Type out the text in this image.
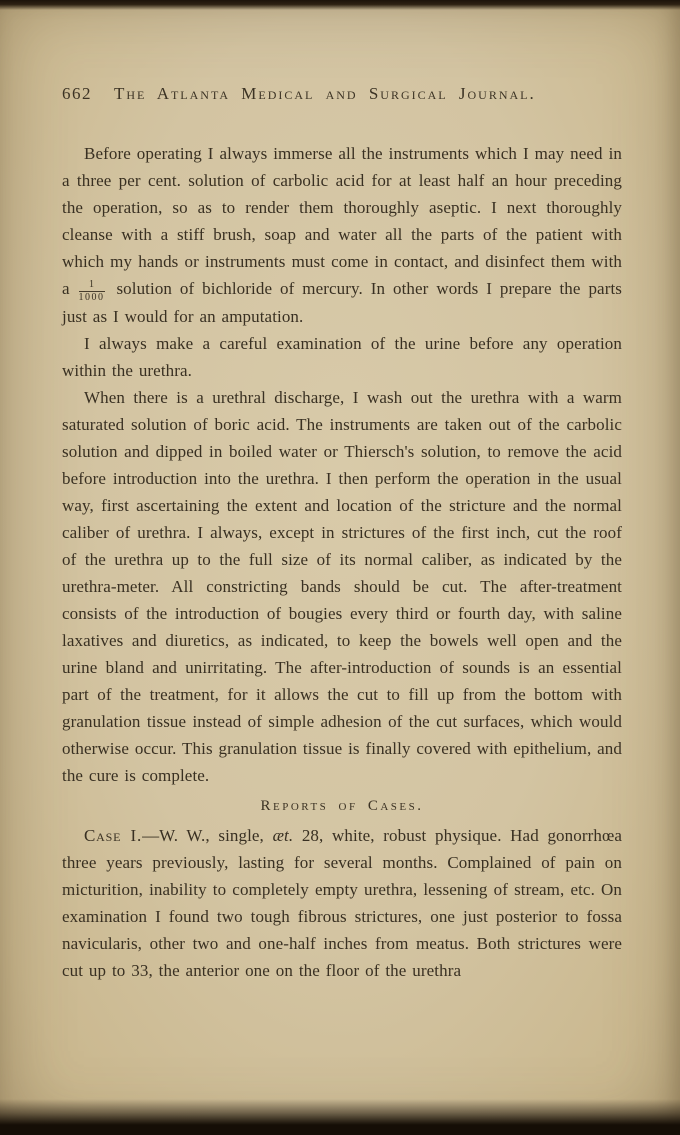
662 The Atlanta Medical and Surgical Journal.

Before operating I always immerse all the instruments which I may need in a three per cent. solution of carbolic acid for at least half an hour preceding the operation, so as to render them thoroughly aseptic. I next thoroughly cleanse with a stiff brush, soap and water all the parts of the patient with which my hands or instruments must come in contact, and disinfect them with a $\frac{1}{1000}$ solution of bichloride of mercury. In other words I prepare the parts just as I would for an amputation.

I always make a careful examination of the urine before any operation within the urethra.

When there is a urethral discharge, I wash out the urethra with a warm saturated solution of boric acid. The instruments are taken out of the carbolic solution and dipped in boiled water or Thiersch's solution, to remove the acid before introduction into the urethra. I then perform the operation in the usual way, first ascertaining the extent and location of the stricture and the normal caliber of urethra. I always, except in strictures of the first inch, cut the roof of the urethra up to the full size of its normal caliber, as indicated by the urethra-meter. All constricting bands should be cut. The after-treatment consists of the introduction of bougies every third or fourth day, with saline laxatives and diuretics, as indicated, to keep the bowels well open and the urine bland and unirritating. The after-introduction of sounds is an essential part of the treatment, for it allows the cut to fill up from the bottom with granulation tissue instead of simple adhesion of the cut surfaces, which would otherwise occur. This granulation tissue is finally covered with epithelium, and the cure is complete.

Reports of Cases.

Case I.—W. W., single, æt. 28, white, robust physique. Had gonorrhœa three years previously, lasting for several months. Complained of pain on micturition, inability to completely empty urethra, lessening of stream, etc. On examination I found two tough fibrous strictures, one just posterior to fossa navicularis, other two and one-half inches from meatus. Both strictures were cut up to 33, the anterior one on the floor of the urethra
